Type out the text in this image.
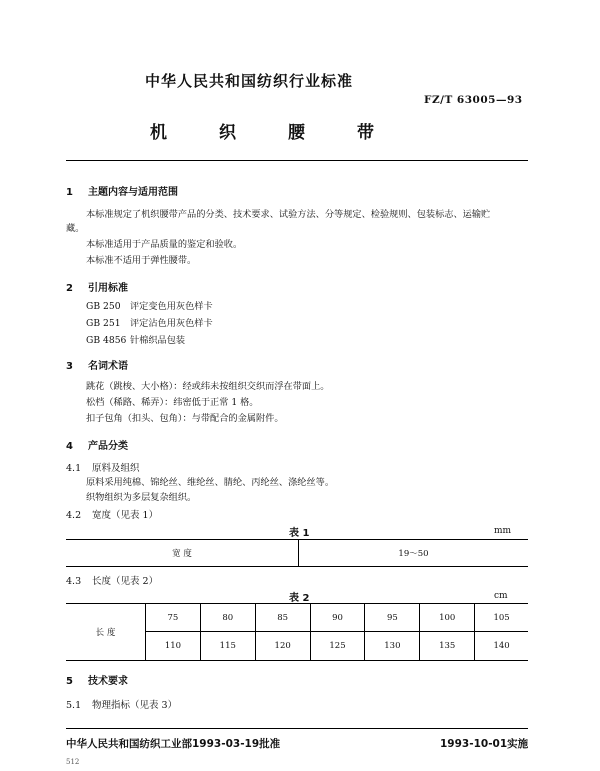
中华人民共和国纺织行业标准
FZ/T 63005—93
机	织	腰	带
1 主题内容与适用范围
本标准规定了机织腰带产品的分类、技术要求、试验方法、分等规定、检验规则、包装标志、运输贮
藏。
本标准适用于产品质量的鉴定和验收。
本标准不适用于弹性腰带。
2 引用标准
GB 250 评定变色用灰色样卡
GB 251 评定沾色用灰色样卡
GB 4856 针棉织品包装
3 名词术语
跳花（跳梭、大小格）：经或纬未按组织交织而浮在带面上。
松档（稀路、稀弄）：纬密低于正常 1 格。
扣子包角（扣头、包角）：与带配合的金属附件。
4 产品分类
4.1 原料及组织
原料采用纯棉、锦纶丝、维纶丝、腈纶、丙纶丝、涤纶丝等。
织物组织为多层复杂组织。
4.2 宽度（见表 1）
表 1	mm
宽 度	19～50
4.3 长度（见表 2）
表 2	cm
长 度	75	80	85	90	95	100	105
	110	115	120	125	130	135	140
5 技术要求
5.1 物理指标（见表 3）
中华人民共和国纺织工业部1993-03-19批准	1993-10-01实施
512
